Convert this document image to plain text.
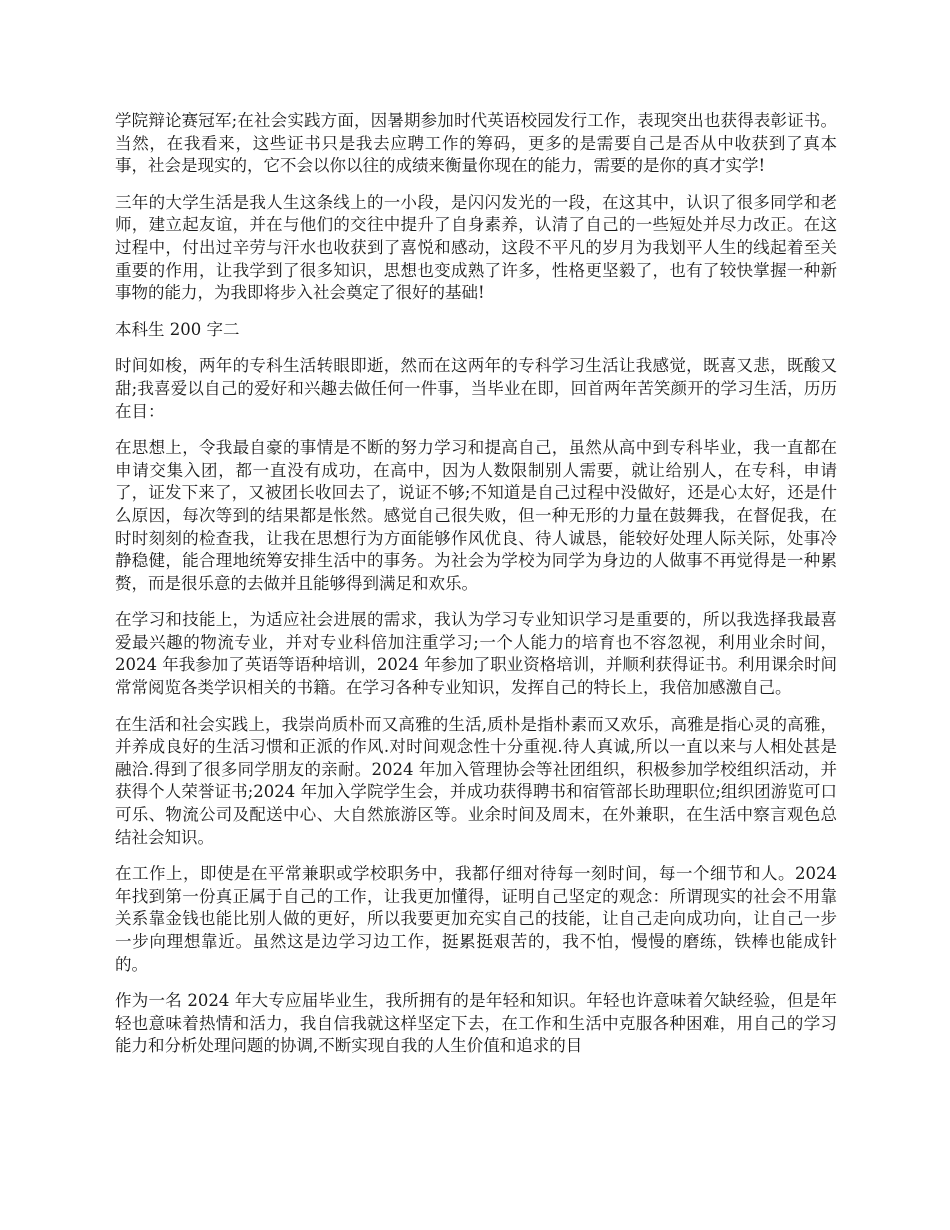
学院辩论赛冠军;在社会实践方面，因暑期参加时代英语校园发行工作，表现突出也获得表彰证书。当然，在我看来，这些证书只是我去应聘工作的筹码，更多的是需要自己是否从中收获到了真本事，社会是现实的，它不会以你以往的成绩来衡量你现在的能力，需要的是你的真才实学!

三年的大学生活是我人生这条线上的一小段，是闪闪发光的一段，在这其中，认识了很多同学和老师，建立起友谊，并在与他们的交往中提升了自身素养，认清了自己的一些短处并尽力改正。在这过程中，付出过辛劳与汗水也收获到了喜悦和感动，这段不平凡的岁月为我划平人生的线起着至关重要的作用，让我学到了很多知识，思想也变成熟了许多，性格更坚毅了，也有了较快掌握一种新事物的能力，为我即将步入社会奠定了很好的基础!

本科生 200 字二

时间如梭，两年的专科生活转眼即逝，然而在这两年的专科学习生活让我感觉，既喜又悲，既酸又甜;我喜爱以自己的爱好和兴趣去做任何一件事，当毕业在即，回首两年苦笑颜开的学习生活，历历在目：

在思想上，令我最自豪的事情是不断的努力学习和提高自己，虽然从高中到专科毕业，我一直都在申请交集入团，都一直没有成功，在高中，因为人数限制别人需要，就让给别人，在专科，申请了，证发下来了，又被团长收回去了，说证不够;不知道是自己过程中没做好，还是心太好，还是什么原因，每次等到的结果都是怅然。感觉自己很失败，但一种无形的力量在鼓舞我，在督促我，在时时刻刻的检查我，让我在思想行为方面能够作风优良、待人诚恳，能较好处理人际关际，处事冷静稳健，能合理地统筹安排生活中的事务。为社会为学校为同学为身边的人做事不再觉得是一种累赘，而是很乐意的去做并且能够得到满足和欢乐。

在学习和技能上，为适应社会进展的需求，我认为学习专业知识学习是重要的，所以我选择我最喜爱最兴趣的物流专业，并对专业科倍加注重学习;一个人能力的培育也不容忽视，利用业余时间，2024 年我参加了英语等语种培训，2024 年参加了职业资格培训，并顺利获得证书。利用课余时间常常阅览各类学识相关的书籍。在学习各种专业知识，发挥自己的特长上，我倍加感激自己。

在生活和社会实践上，我崇尚质朴而又高雅的生活,质朴是指朴素而又欢乐，高雅是指心灵的高雅，并养成良好的生活习惯和正派的作风.对时间观念性十分重视.待人真诚,所以一直以来与人相处甚是融洽.得到了很多同学朋友的亲耐。2024 年加入管理协会等社团组织，积极参加学校组织活动，并获得个人荣誉证书;2024 年加入学院学生会，并成功获得聘书和宿管部长助理职位;组织团游览可口可乐、物流公司及配送中心、大自然旅游区等。业余时间及周末，在外兼职，在生活中察言观色总结社会知识。

在工作上，即使是在平常兼职或学校职务中，我都仔细对待每一刻时间，每一个细节和人。2024 年找到第一份真正属于自己的工作，让我更加懂得，证明自己坚定的观念：所谓现实的社会不用靠关系靠金钱也能比别人做的更好，所以我要更加充实自己的技能，让自己走向成功向，让自己一步一步向理想靠近。虽然这是边学习边工作，挺累挺艰苦的，我不怕，慢慢的磨练，铁棒也能成针的。

作为一名 2024 年大专应届毕业生，我所拥有的是年轻和知识。年轻也许意味着欠缺经验，但是年轻也意味着热情和活力，我自信我就这样坚定下去，在工作和生活中克服各种困难，用自己的学习能力和分析处理问题的协调,不断实现自我的人生价值和追求的目
